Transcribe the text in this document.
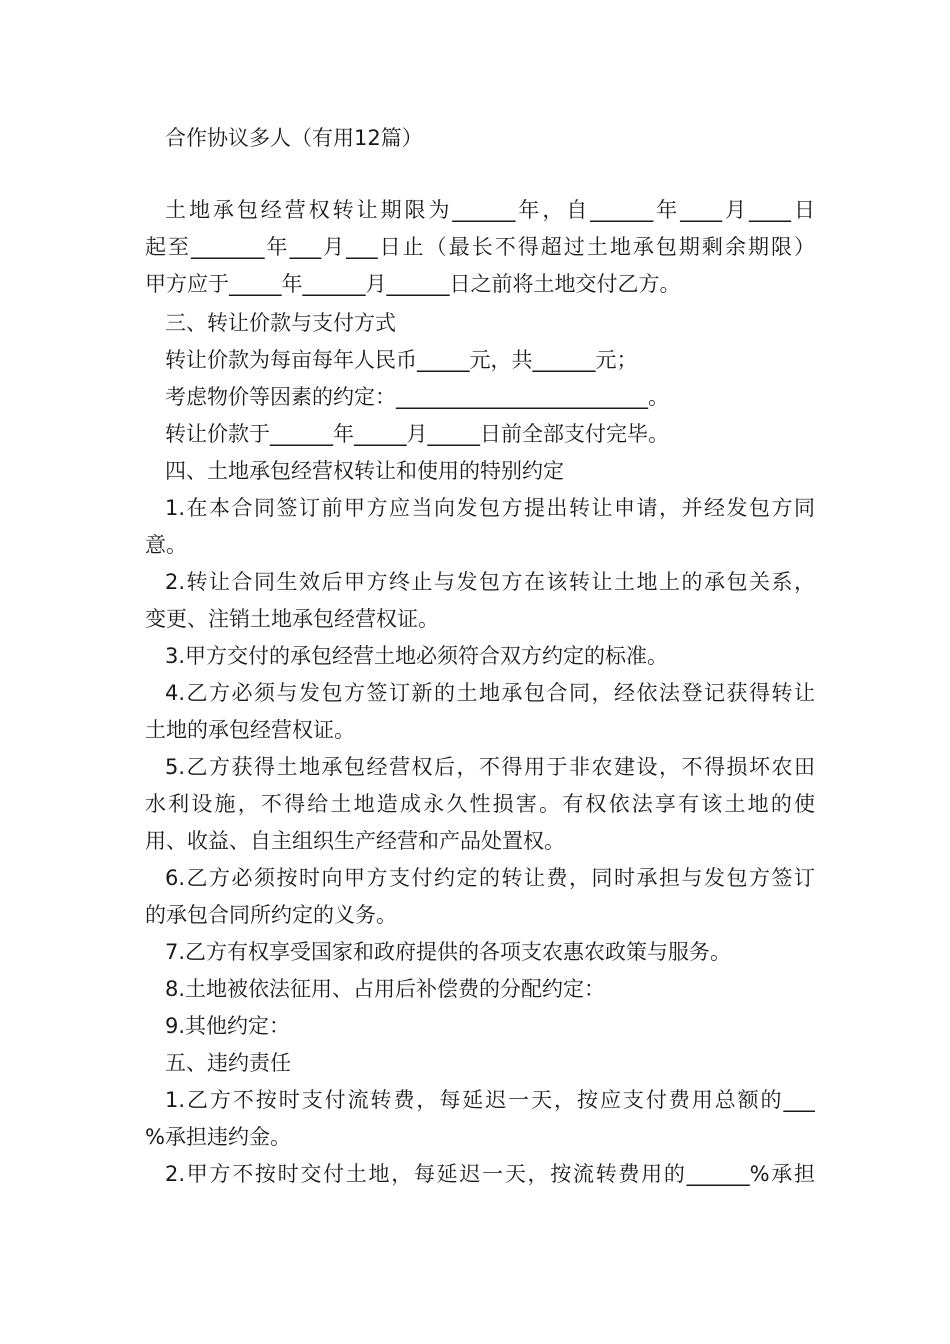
合作协议多人（有用12篇）
土地承包经营权转让期限为______年，自______年____月____日
起至_______年___月___日止（最长不得超过土地承包期剩余期限）
甲方应于_____年______月______日之前将土地交付乙方。
三、转让价款与支付方式
转让价款为每亩每年人民币_____元，共______元；
考虑物价等因素的约定：________________________。
转让价款于______年_____月_____日前全部支付完毕。
四、土地承包经营权转让和使用的特别约定
1.在本合同签订前甲方应当向发包方提出转让申请，并经发包方同
意。
2.转让合同生效后甲方终止与发包方在该转让土地上的承包关系，
变更、注销土地承包经营权证。
3.甲方交付的承包经营土地必须符合双方约定的标准。
4.乙方必须与发包方签订新的土地承包合同，经依法登记获得转让
土地的承包经营权证。
5.乙方获得土地承包经营权后，不得用于非农建设，不得损坏农田
水利设施，不得给土地造成永久性损害。有权依法享有该土地的使
用、收益、自主组织生产经营和产品处置权。
6.乙方必须按时向甲方支付约定的转让费，同时承担与发包方签订
的承包合同所约定的义务。
7.乙方有权享受国家和政府提供的各项支农惠农政策与服务。
8.土地被依法征用、占用后补偿费的分配约定：
9.其他约定：
五、违约责任
1.乙方不按时支付流转费，每延迟一天，按应支付费用总额的___
%承担违约金。
2.甲方不按时交付土地，每延迟一天，按流转费用的______%承担
